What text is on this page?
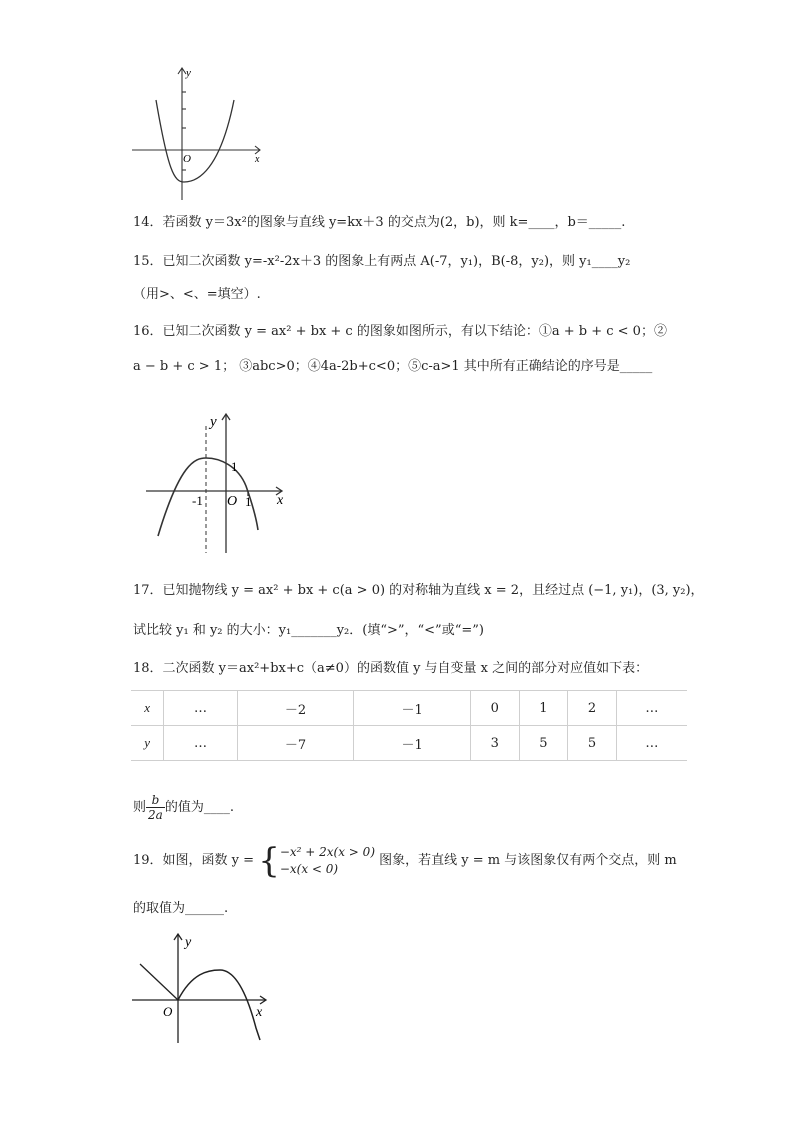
y
x
O
14．若函数 y＝3x²的图象与直线 y=kx＋3 的交点为(2，b)，则 k=____，b＝_____.
15．已知二次函数 y=-x²-2x＋3 的图象上有两点 A(-7，y₁)，B(-8，y₂)，则 y₁____y₂
（用>、<、=填空）.
16．已知二次函数 y = ax² + bx + c 的图象如图所示，有以下结论：①a + b + c < 0；②
a − b + c > 1； ③abc>0；④4a-2b+c<0；⑤c-a>1 其中所有正确结论的序号是_____
y
x
O
-1	1
1
17．已知抛物线 y = ax² + bx + c(a > 0) 的对称轴为直线 x = 2，且经过点 (−1, y₁)，(3, y₂)，
试比较 y₁ 和 y₂ 的大小：y₁_______y₂．(填“>”，“<”或“=”)
18．二次函数 y＝ax²+bx+c（a≠0）的函数值 y 与自变量 x 之间的部分对应值如下表：
x	…	－2	－1	0	1	2	…
y	…	－7	－1	3	5	5	…
则 $\frac{b}{2a}$ 的值为____.
19．如图，函数 y = { −x² + 2x(x > 0)
−x(x < 0)
图象，若直线 y = m 与该图象仅有两个交点，则 m
的取值为______.
y
x
O
